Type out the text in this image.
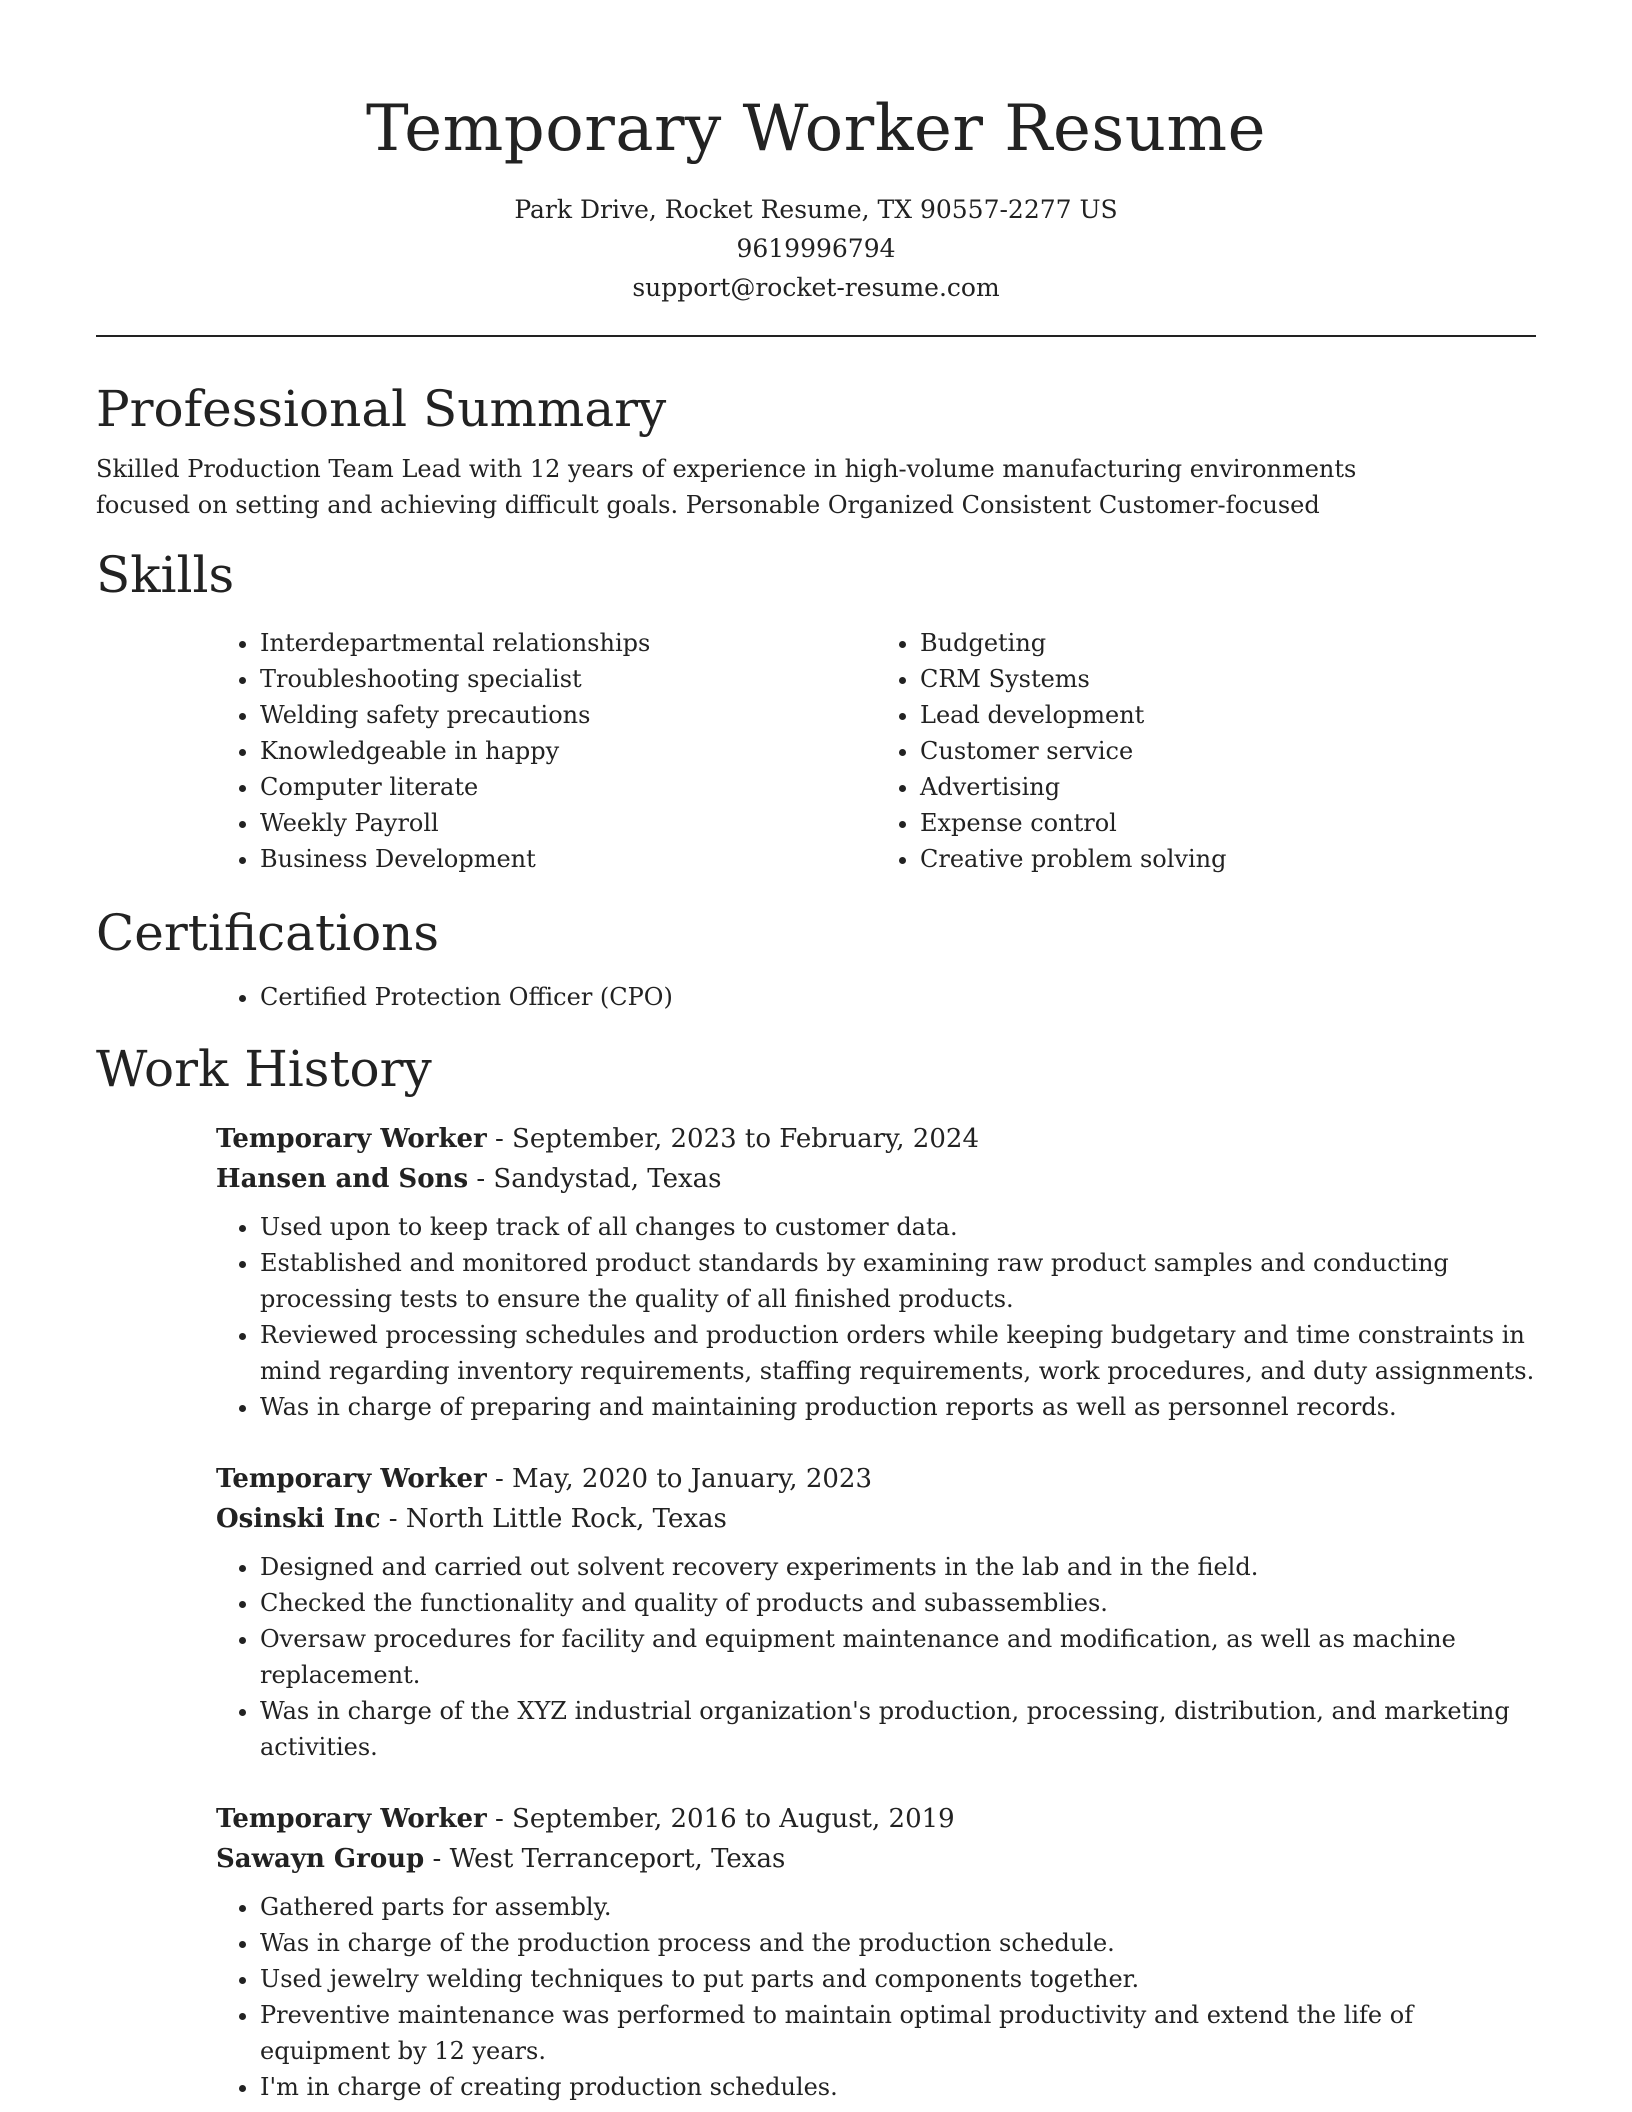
Temporary Worker Resume
Park Drive, Rocket Resume, TX 90557-2277 US
9619996794
support@rocket-resume.com
Professional Summary

Skilled Production Team Lead with 12 years of experience in high-volume manufacturing environments focused on setting and achieving difficult goals. Personable Organized Consistent Customer-focused

Skills
• Interdepartmental relationships
• Troubleshooting specialist
• Welding safety precautions
• Knowledgeable in happy
• Computer literate
• Weekly Payroll
• Business Development
• Budgeting
• CRM Systems
• Lead development
• Customer service
• Advertising
• Expense control
• Creative problem solving
Certifications
• Certified Protection Officer (CPO)
Work History
Temporary Worker - September, 2023 to February, 2024
Hansen and Sons - Sandystad, Texas
• Used upon to keep track of all changes to customer data.
• Established and monitored product standards by examining raw product samples and conducting processing tests to ensure the quality of all finished products.
• Reviewed processing schedules and production orders while keeping budgetary and time constraints in mind regarding inventory requirements, staffing requirements, work procedures, and duty assignments.
• Was in charge of preparing and maintaining production reports as well as personnel records.
Temporary Worker - May, 2020 to January, 2023
Osinski Inc - North Little Rock, Texas
• Designed and carried out solvent recovery experiments in the lab and in the field.
• Checked the functionality and quality of products and subassemblies.
• Oversaw procedures for facility and equipment maintenance and modification, as well as machine replacement.
• Was in charge of the XYZ industrial organization's production, processing, distribution, and marketing activities.
Temporary Worker - September, 2016 to August, 2019
Sawayn Group - West Terranceport, Texas
• Gathered parts for assembly.
• Was in charge of the production process and the production schedule.
• Used jewelry welding techniques to put parts and components together.
• Preventive maintenance was performed to maintain optimal productivity and extend the life of equipment by 12 years.
• I'm in charge of creating production schedules.
